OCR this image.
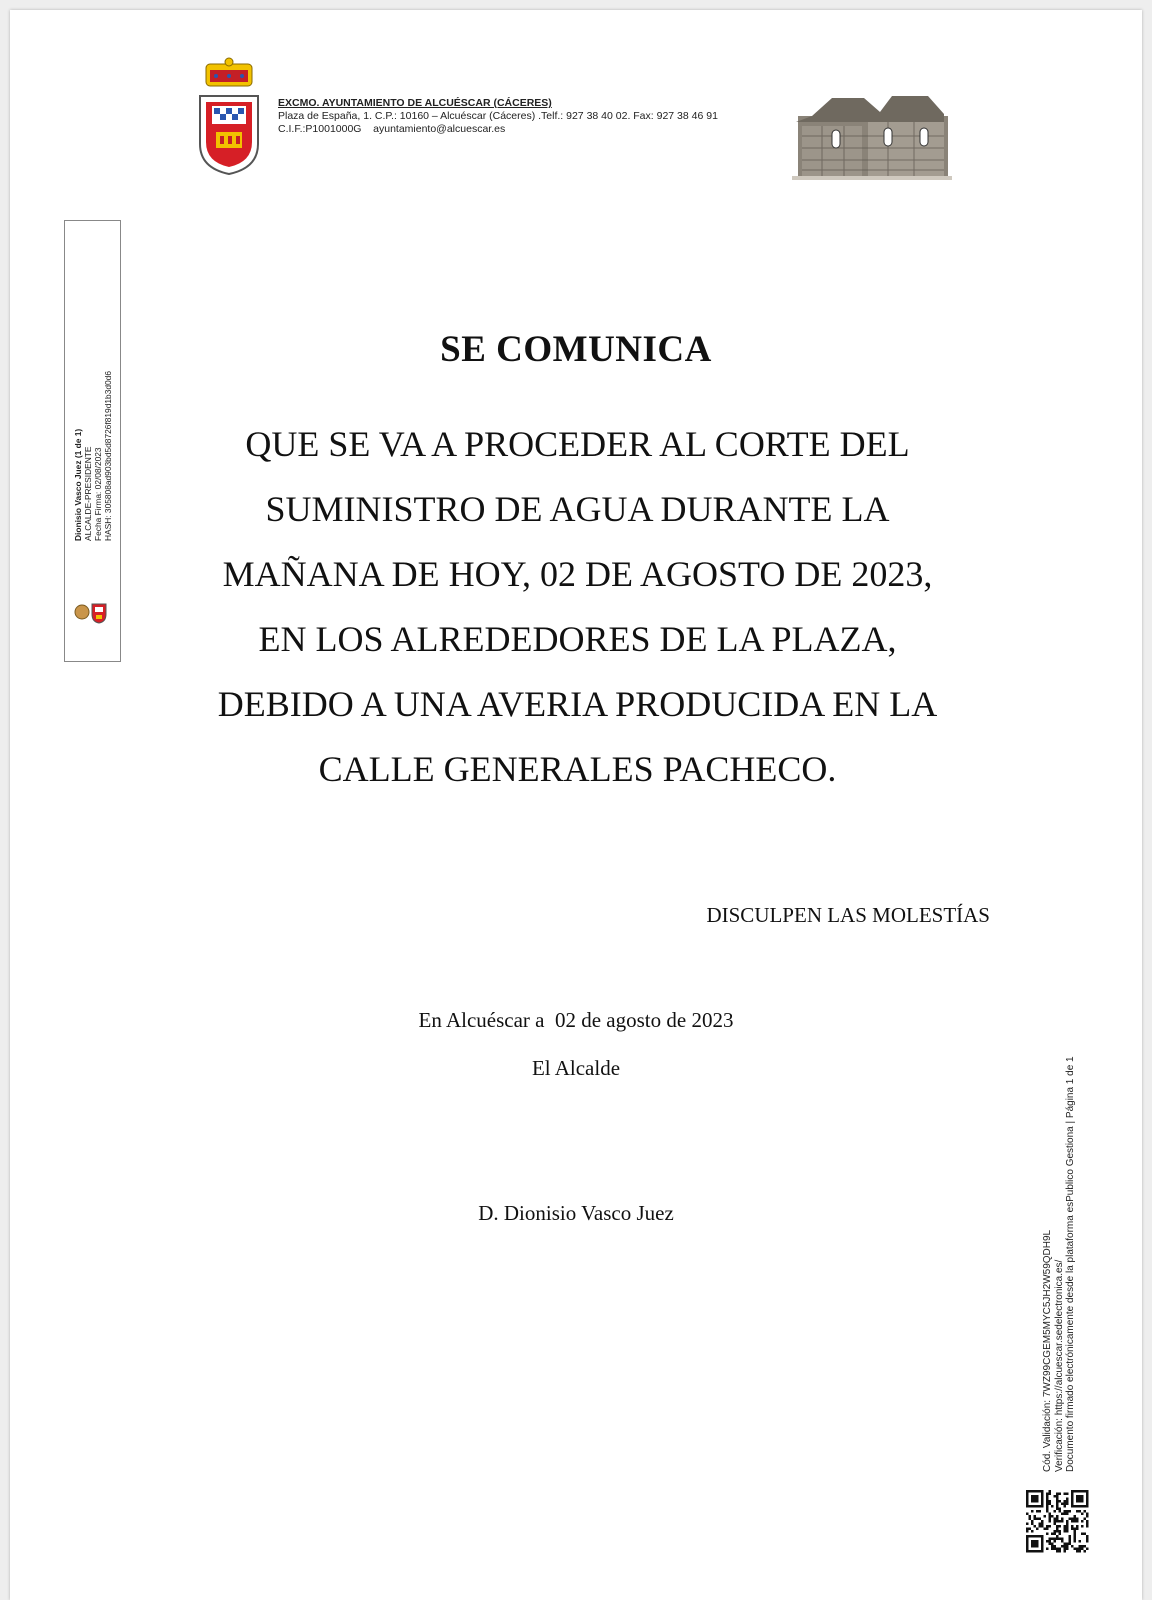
EXCMO. AYUNTAMIENTO DE ALCUÉSCAR (CÁCERES)
Plaza de España, 1. C.P.: 10160 – Alcuéscar (Cáceres) .Telf.: 927 38 40 02. Fax: 927 38 46 91
C.I.F.:P1001000G ayuntamiento@alcuescar.es
Dionisio Vasco Juez (1 de 1) ALCALDE-PRESIDENTE Fecha Firma: 02/08/2023 HASH: 305808ad903bd5d8726f819d1b3d0d6
SE COMUNICA
QUE SE VA A PROCEDER AL CORTE DEL
SUMINISTRO DE AGUA DURANTE LA
MAÑANA DE HOY, 02 DE AGOSTO DE 2023,
EN LOS ALREDEDORES DE LA PLAZA,
DEBIDO A UNA AVERIA PRODUCIDA EN LA
CALLE GENERALES PACHECO.
DISCULPEN LAS MOLESTÍAS
En Alcuéscar a  02 de agosto de 2023
El Alcalde
D. Dionisio Vasco Juez
Cód. Validación: 7WZ99CGEM5MYC5JH2W59QDH9L Verificación: https://alcuescar.sedelectronica.es/ Documento firmado electrónicamente desde la plataforma esPublico Gestiona | Página 1 de 1
